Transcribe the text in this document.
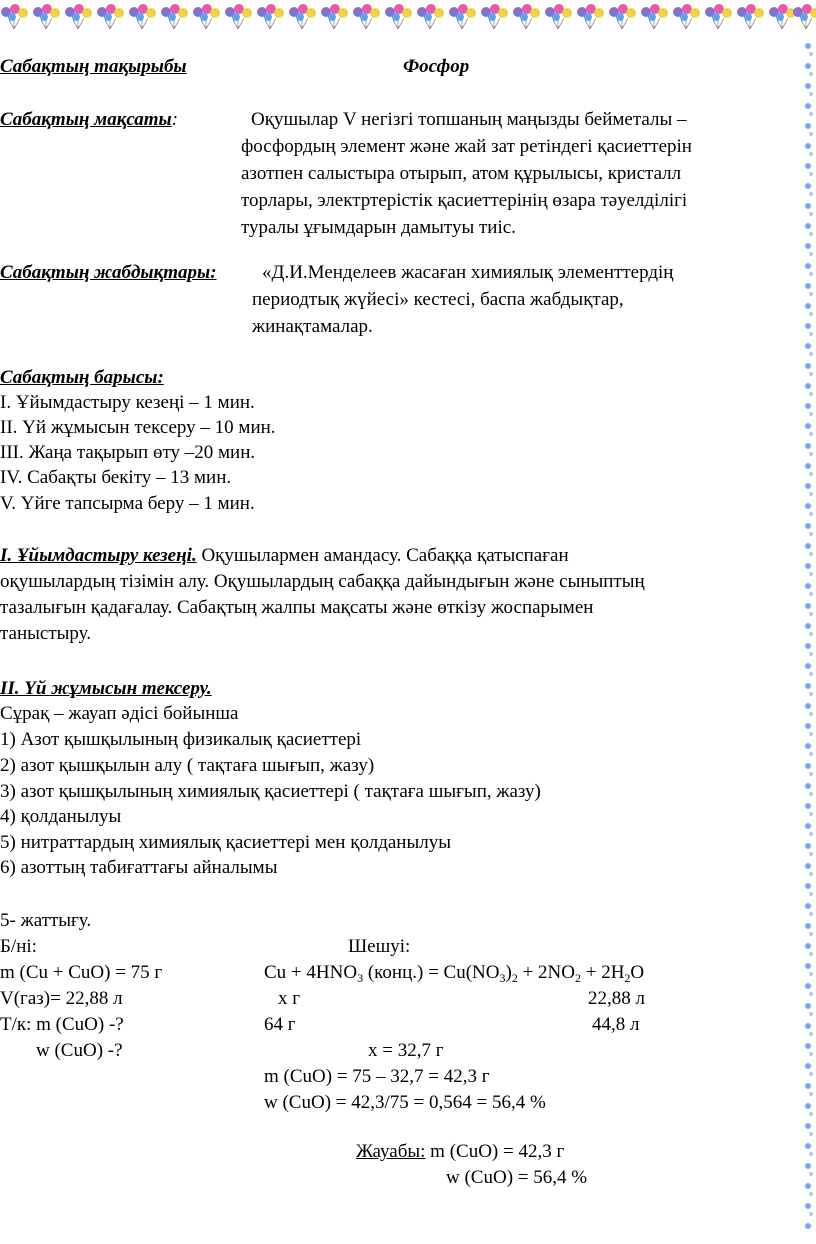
Сабақтың тақырыбы	Фосфор
Сабақтың мақсаты:	Оқушылар V негізгі топшаның маңызды бейметалы –
фосфордың элемент және жай зат ретіндегі қасиеттерін
азотпен салыстыра отырып, атом құрылысы, кристалл
торлары, электртерістік қасиеттерінің өзара тәуелділігі
туралы ұғымдарын дамытуы тиіс.
Сабақтың жабдықтары: «Д.И.Менделеев жасаған химиялық элементтердің
периодтық жүйесі» кестесі, баспа жабдықтар,
жинақтамалар.
Сабақтың барысы:
I. Ұйымдастыру кезеңі – 1 мин.
II. Үй жұмысын тексеру – 10 мин.
III. Жаңа тақырып өту –20 мин.
IV. Сабақты бекіту – 13 мин.
V. Үйге тапсырма беру – 1 мин.
I. Ұйымдастыру кезеңі. Оқушылармен амандасу. Сабаққа қатыспаған
оқушылардың тізімін алу. Оқушылардың сабаққа дайындығын және сыныптың
тазалығын қадағалау. Сабақтың жалпы мақсаты және өткізу жоспарымен
таныстыру.
II. Үй жұмысын тексеру.
Сұрақ – жауап әдісі бойынша
1) Азот қышқылының физикалық қасиеттері
2) азот қышқылын алу ( тақтаға шығып, жазу)
3) азот қышқылының химиялық қасиеттері ( тақтаға шығып, жазу)
4) қолданылуы
5) нитраттардың химиялық қасиеттері мен қолданылуы
6) азоттың табиғаттағы айналымы
5- жаттығу.
Б/ні:	Шешуі:
m (Cu + CuO) = 75 г	$Cu + 4HNO_3$ (конц.) = $Cu(NO_3)_2 + 2NO_2 + 2H_2O$
V(газ)= 22,88 л	x г	22,88 л
Т/к: m (CuO) -?	64 г	44,8 л
w (CuO) -?	x = 32,7 г
m (CuO) = 75 – 32,7 = 42,3 г
w (CuO) = 42,3/75 = 0,564 = 56,4 %
Жауабы: m (CuO) = 42,3 г
w (CuO) = 56,4 %
